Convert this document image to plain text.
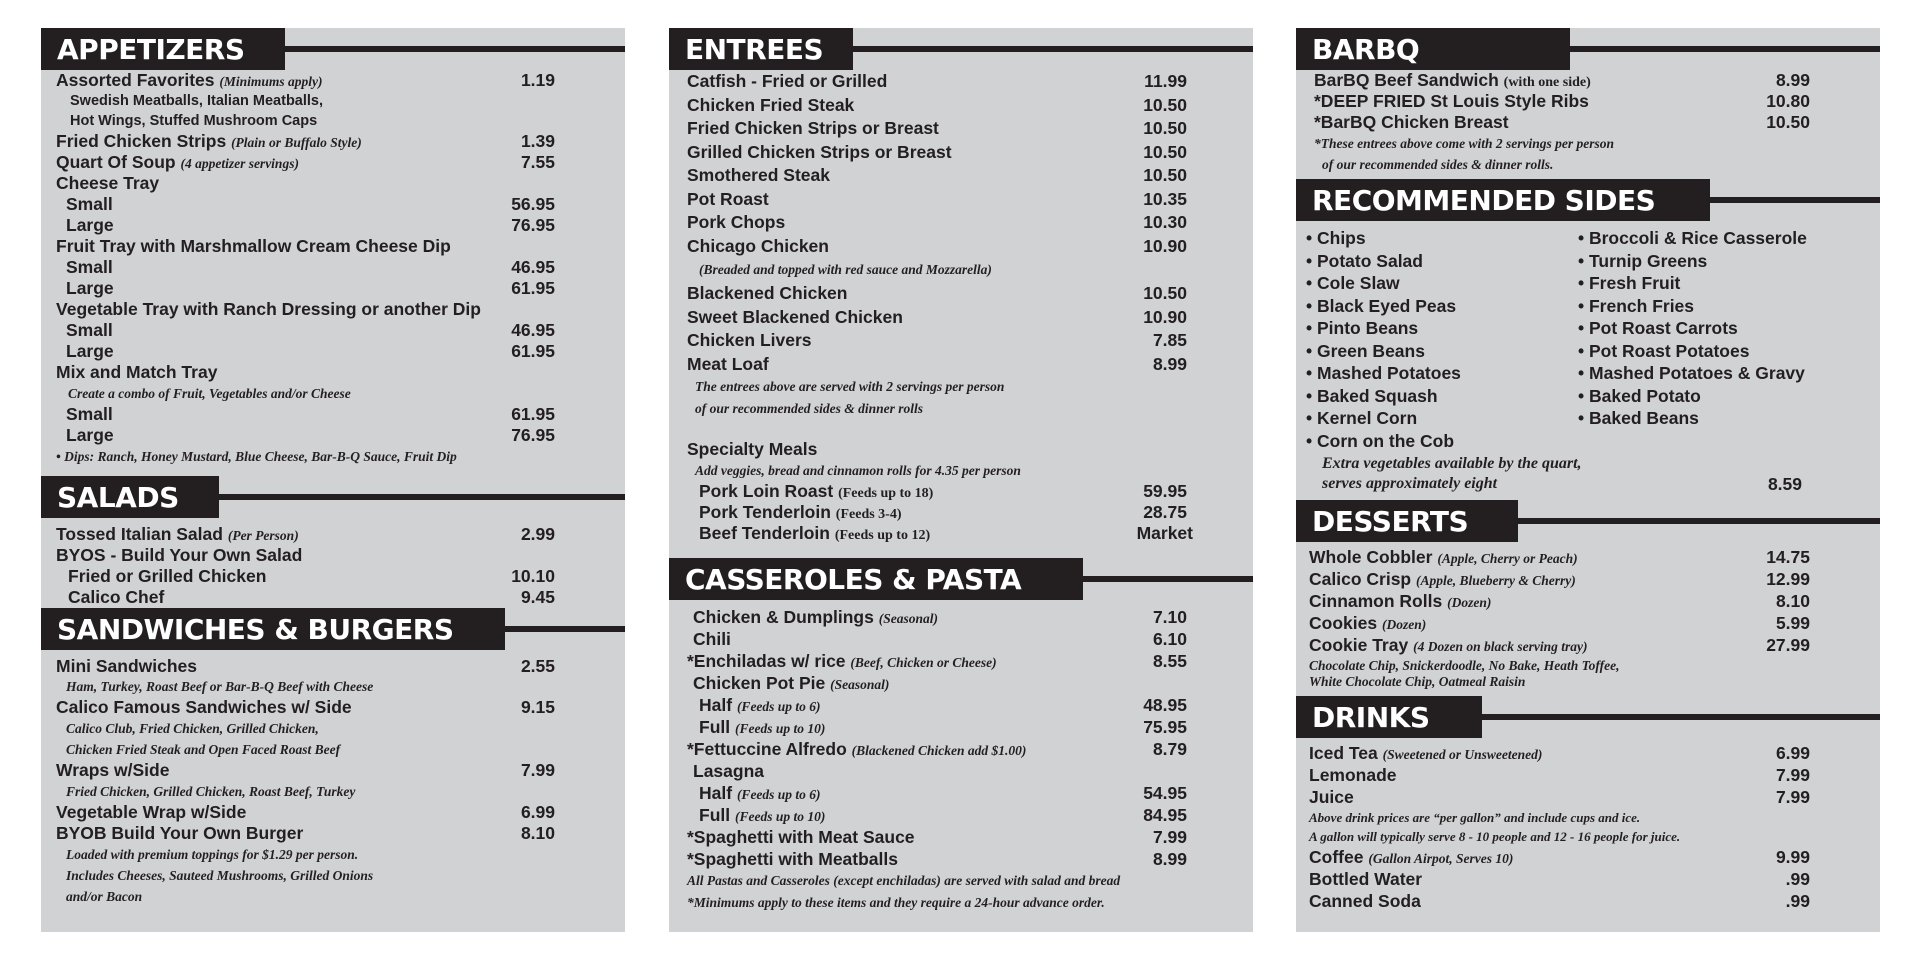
APPETIZERS
Assorted Favorites (Minimums apply)	1.19
Swedish Meatballs, Italian Meatballs,
Hot Wings, Stuffed Mushroom Caps
Fried Chicken Strips (Plain or Buffalo Style)	1.39
Quart Of Soup (4 appetizer servings)	7.55
Cheese Tray
Small	56.95
Large	76.95
Fruit Tray with Marshmallow Cream Cheese Dip
Small	46.95
Large	61.95
Vegetable Tray with Ranch Dressing or another Dip
Small	46.95
Large	61.95
Mix and Match Tray
Create a combo of Fruit, Vegetables and/or Cheese
Small	61.95
Large	76.95
• Dips: Ranch, Honey Mustard, Blue Cheese, Bar-B-Q Sauce, Fruit Dip
SALADS
Tossed Italian Salad (Per Person)	2.99
BYOS - Build Your Own Salad
Fried or Grilled Chicken	10.10
Calico Chef	9.45
SANDWICHES & BURGERS
Mini Sandwiches	2.55
Ham, Turkey, Roast Beef or Bar-B-Q Beef with Cheese
Calico Famous Sandwiches w/ Side	9.15
Calico Club, Fried Chicken, Grilled Chicken,
Chicken Fried Steak and Open Faced Roast Beef
Wraps w/Side	7.99
Fried Chicken, Grilled Chicken, Roast Beef, Turkey
Vegetable Wrap w/Side	6.99
BYOB Build Your Own Burger	8.10
Loaded with premium toppings for $1.29 per person.
Includes Cheeses, Sauteed Mushrooms, Grilled Onions
and/or Bacon
ENTREES
Catfish - Fried or Grilled	11.99
Chicken Fried Steak	10.50
Fried Chicken Strips or Breast	10.50
Grilled Chicken Strips or Breast	10.50
Smothered Steak	10.50
Pot Roast	10.35
Pork Chops	10.30
Chicago Chicken	10.90
(Breaded and topped with red sauce and Mozzarella)
Blackened Chicken	10.50
Sweet Blackened Chicken	10.90
Chicken Livers	7.85
Meat Loaf	8.99
The entrees above are served with 2 servings per person
of our recommended sides & dinner rolls
Specialty Meals
Add veggies, bread and cinnamon rolls for 4.35 per person
Pork Loin Roast (Feeds up to 18)	59.95
Pork Tenderloin (Feeds 3-4)	28.75
Beef Tenderloin (Feeds up to 12)	Market
CASSEROLES & PASTA
Chicken & Dumplings (Seasonal)	7.10
Chili	6.10
*Enchiladas w/ rice (Beef, Chicken or Cheese)	8.55
Chicken Pot Pie (Seasonal)
Half (Feeds up to 6)	48.95
Full (Feeds up to 10)	75.95
*Fettuccine Alfredo (Blackened Chicken add $1.00)	8.79
Lasagna
Half (Feeds up to 6)	54.95
Full (Feeds up to 10)	84.95
*Spaghetti with Meat Sauce	7.99
*Spaghetti with Meatballs	8.99
All Pastas and Casseroles (except enchiladas) are served with salad and bread
*Minimums apply to these items and they require a 24-hour advance order.
BARBQ
BarBQ Beef Sandwich (with one side)	8.99
*DEEP FRIED St Louis Style Ribs	10.80
*BarBQ Chicken Breast	10.50
*These entrees above come with 2 servings per person
of our recommended sides & dinner rolls.
RECOMMENDED SIDES
• Chips
• Potato Salad
• Cole Slaw
• Black Eyed Peas
• Pinto Beans
• Green Beans
• Mashed Potatoes
• Baked Squash
• Kernel Corn
• Corn on the Cob
• Broccoli & Rice Casserole
• Turnip Greens
• Fresh Fruit
• French Fries
• Pot Roast Carrots
• Pot Roast Potatoes
• Mashed Potatoes & Gravy
• Baked Potato
• Baked Beans
Extra vegetables available by the quart,
serves approximately eight	8.59
DESSERTS
Whole Cobbler (Apple, Cherry or Peach)	14.75
Calico Crisp (Apple, Blueberry & Cherry)	12.99
Cinnamon Rolls (Dozen)	8.10
Cookies (Dozen)	5.99
Cookie Tray (4 Dozen on black serving tray)	27.99
Chocolate Chip, Snickerdoodle, No Bake, Heath Toffee,
White Chocolate Chip, Oatmeal Raisin
DRINKS
Iced Tea (Sweetened or Unsweetened)	6.99
Lemonade	7.99
Juice	7.99
Above drink prices are “per gallon” and include cups and ice.
A gallon will typically serve 8 - 10 people and 12 - 16 people for juice.
Coffee (Gallon Airpot, Serves 10)	9.99
Bottled Water	.99
Canned Soda	.99
